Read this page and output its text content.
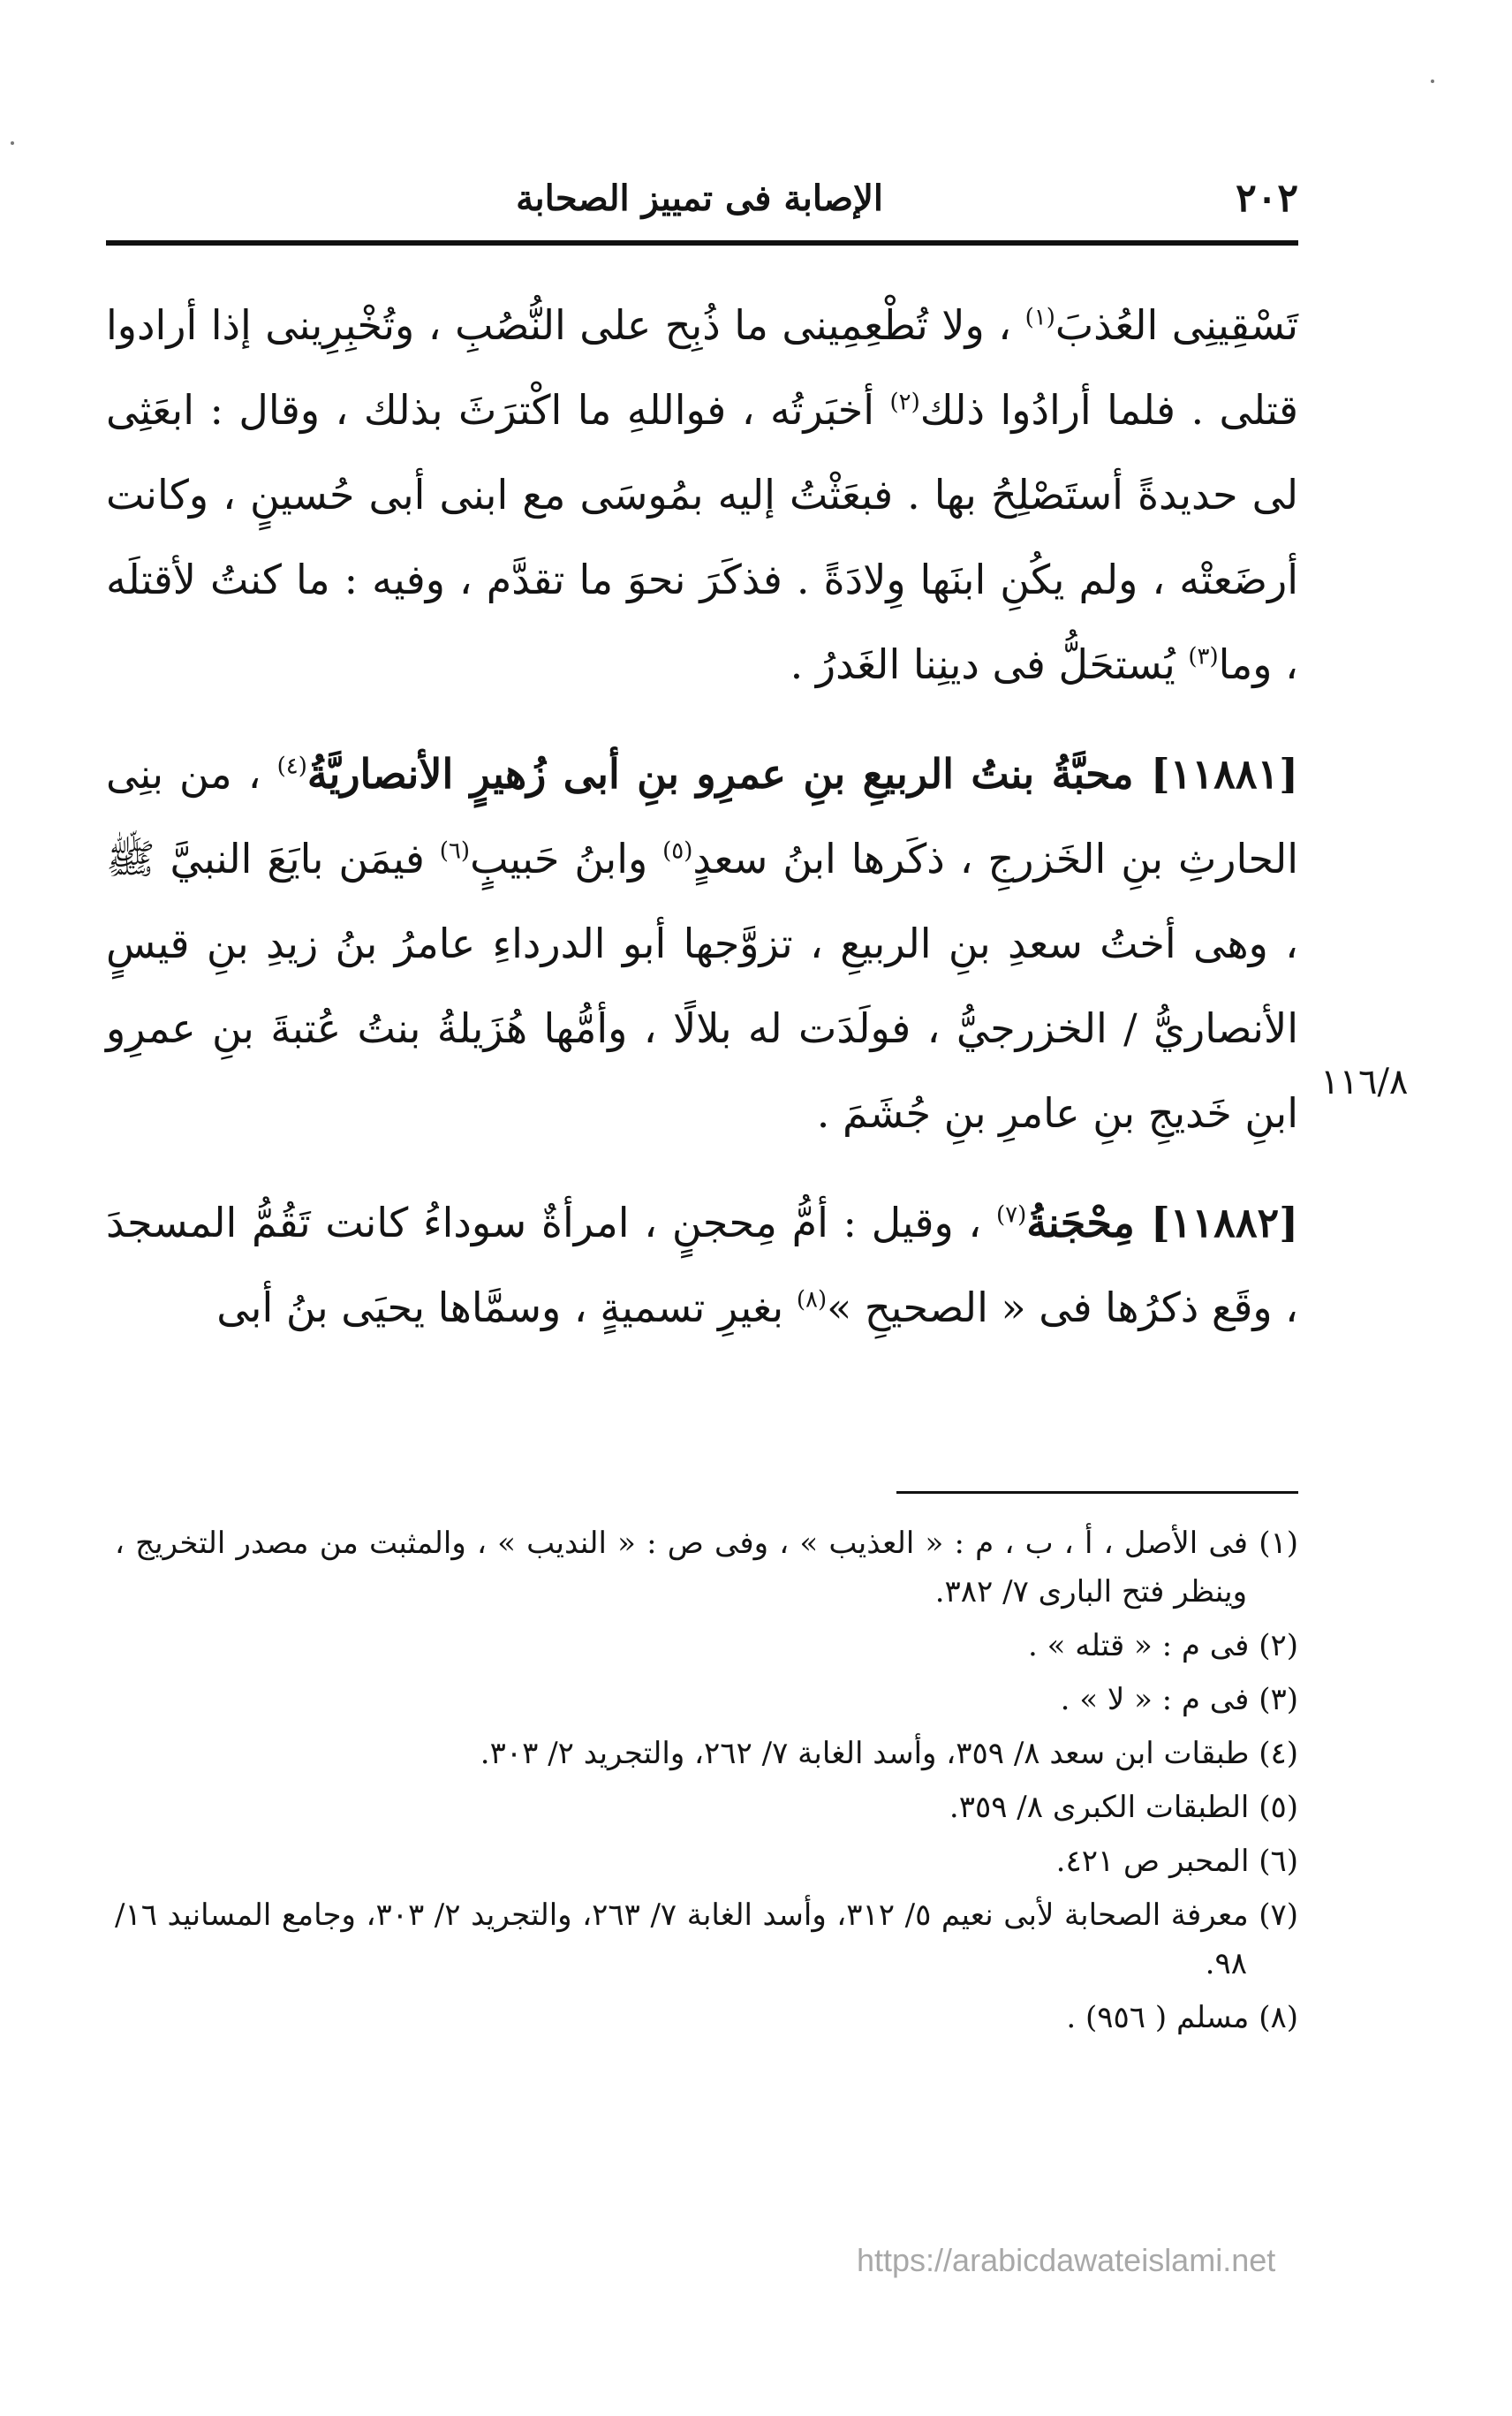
٢٠٢
الإصابة فى تمييز الصحابة

تَسْقِينِى العُذبَ$^{(١)}$ ، ولا تُطْعِمِينى ما ذُبِح على النُّصُبِ ، وتُخْبِرِينى إذا أرادوا قتلى . فلما أرادُوا ذلك$^{(٢)}$ أخبَرتُه ، فواللهِ ما اكْترَثَ بذلك ، وقال : ابعَثِى لى حديدةً أستَصْلِحُ بها . فبعَثْتُ إليه بمُوسَى مع ابنى أبى حُسينٍ ، وكانت أرضَعتْه ، ولم يكُنِ ابنَها وِلادَةً . فذكَرَ نحوَ ما تقدَّم ، وفيه : ما كنتُ لأقتلَه ، وما$^{(٣)}$ يُستحَلُّ فى دينِنا الغَدرُ .

[١١٨٨١] محبَّةُ بنتُ الربيعِ بنِ عمرِو بنِ أبى زُهيرٍ الأنصاريَّةُ$^{(٤)}$ ، من بنِى الحارثِ بنِ الخَزرجِ ، ذكَرها ابنُ سعدٍ$^{(٥)}$ وابنُ حَبيبٍ$^{(٦)}$ فيمَن بايَعَ النبيَّ ﷺ ، وهى أختُ سعدِ بنِ الربيعِ ، تزوَّجها أبو الدرداءِ عامرُ بنُ زيدِ بنِ قيسٍ الأنصاريُّ / الخزرجيُّ ، فولَدَت له بلالًا ، وأمُّها هُزَيلةُ بنتُ عُتبةَ بنِ عمرِو ابنِ خَديجِ بنِ عامرِ بنِ جُشَمَ .

[١١٨٨٢] مِحْجَنةُ$^{(٧)}$ ، وقيل : أمُّ مِحجنٍ ، امرأةٌ سوداءُ كانت تَقُمُّ المسجدَ ، وقَع ذكرُها فى « الصحيحِ »$^{(٨)}$ بغيرِ تسميةٍ ، وسمَّاها يحيَى بنُ أبى

١١٦/٨

(١) فى الأصل ، أ ، ب ، م : « العذيب » ، وفى ص : « النديب » ، والمثبت من مصدر التخريج ، وينظر فتح البارى ٧/ ٣٨٢.

(٢) فى م : « قتله » .

(٣) فى م : « لا » .

(٤) طبقات ابن سعد ٨/ ٣٥٩، وأسد الغابة ٧/ ٢٦٢، والتجريد ٢/ ٣٠٣.

(٥) الطبقات الكبرى ٨/ ٣٥٩.

(٦) المحبر ص ٤٢١.

(٧) معرفة الصحابة لأبى نعيم ٥/ ٣١٢، وأسد الغابة ٧/ ٢٦٣، والتجريد ٢/ ٣٠٣، وجامع المسانيد ١٦/ ٩٨.

(٨) مسلم ( ٩٥٦) .

https://arabicdawateislami.net
